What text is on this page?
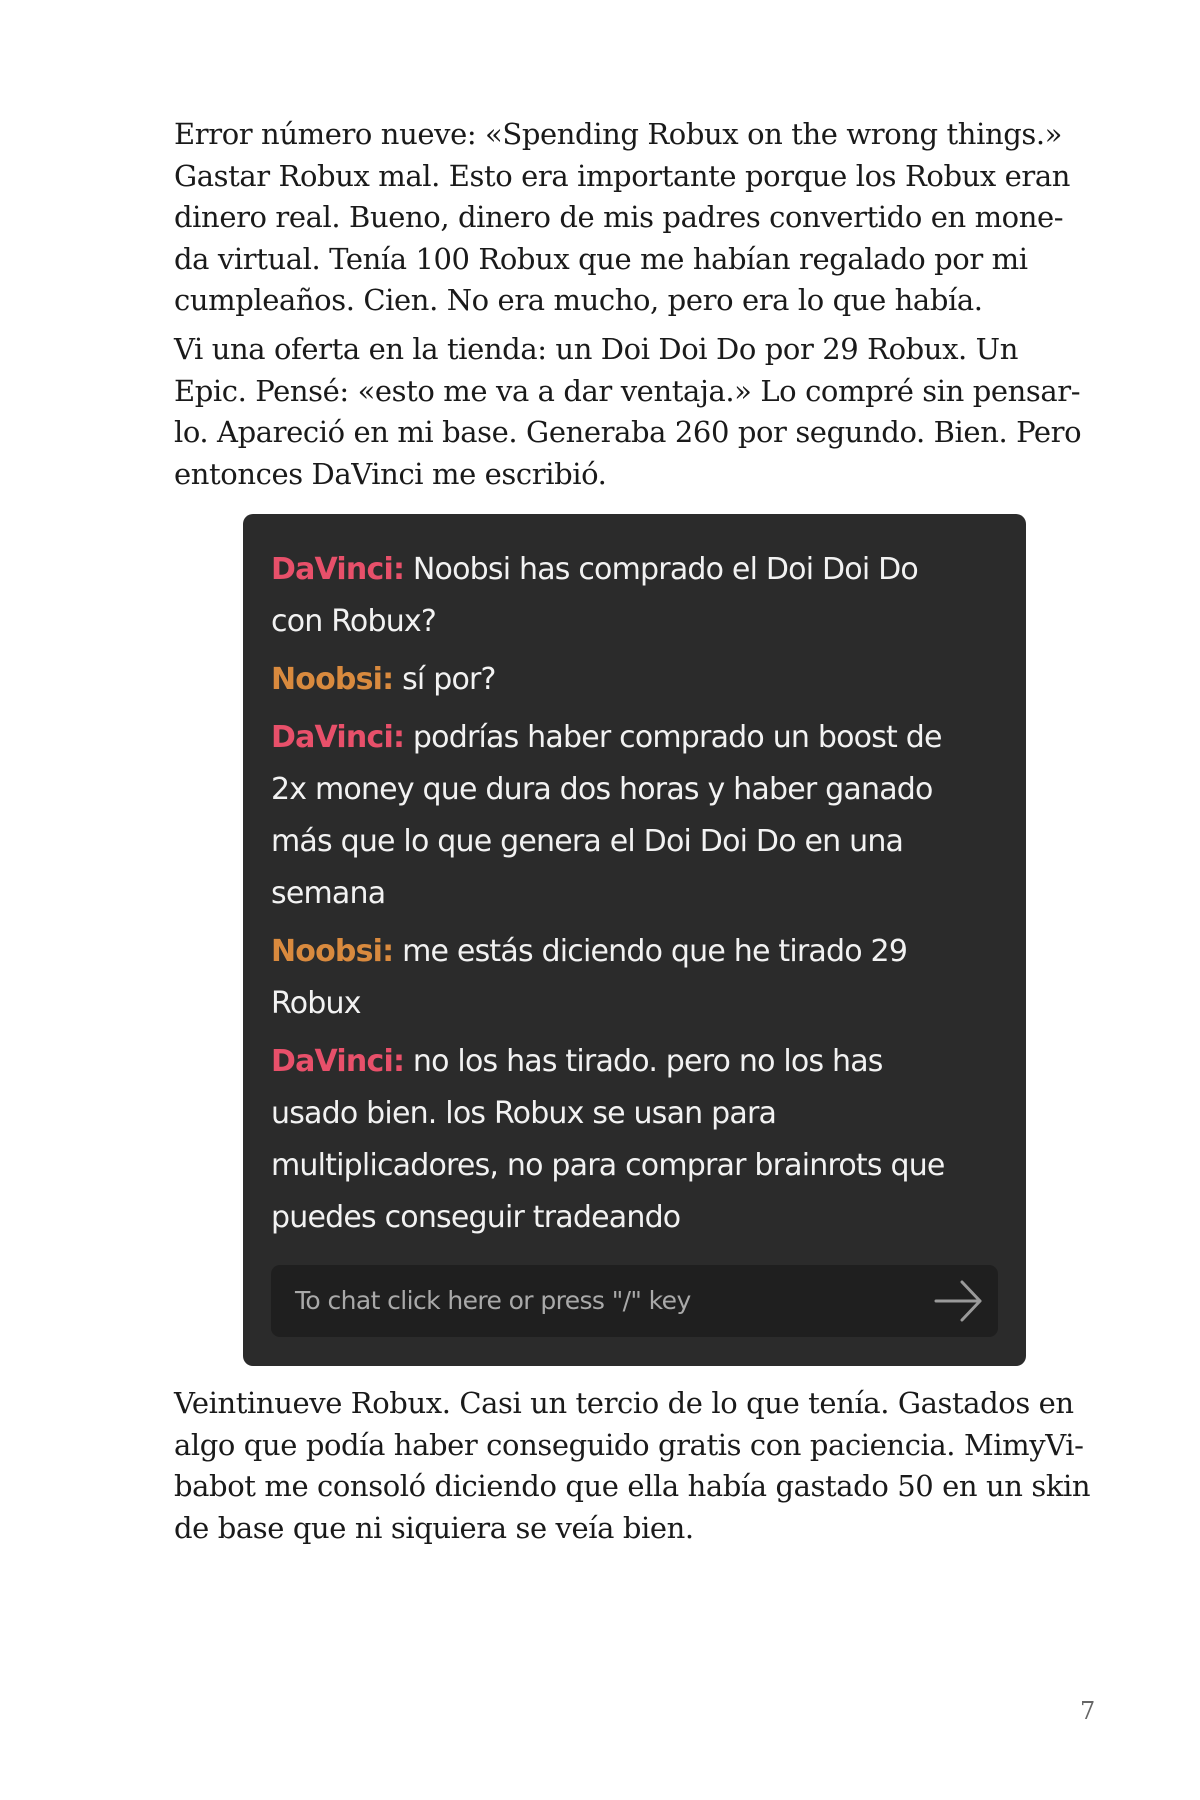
Error número nueve: «Spending Robux on the wrong things.»
Gastar Robux mal. Esto era importante porque los Robux eran
dinero real. Bueno, dinero de mis padres convertido en mone-
da virtual. Tenía 100 Robux que me habían regalado por mi
cumpleaños. Cien. No era mucho, pero era lo que había.

Vi una oferta en la tienda: un Doi Doi Do por 29 Robux. Un
Epic. Pensé: «esto me va a dar ventaja.» Lo compré sin pensar-
lo. Apareció en mi base. Generaba 260 por segundo. Bien. Pero
entonces DaVinci me escribió.

DaVinci: Noobsi has comprado el Doi Doi Do
con Robux?
Noobsi: sí por?
DaVinci: podrías haber comprado un boost de
2x money que dura dos horas y haber ganado
más que lo que genera el Doi Doi Do en una
semana
Noobsi: me estás diciendo que he tirado 29
Robux
DaVinci: no los has tirado. pero no los has
usado bien. los Robux se usan para
multiplicadores, no para comprar brainrots que
puedes conseguir tradeando
To chat click here or press "/" key

Veintinueve Robux. Casi un tercio de lo que tenía. Gastados en
algo que podía haber conseguido gratis con paciencia. MimyVi-
babot me consoló diciendo que ella había gastado 50 en un skin
de base que ni siquiera se veía bien.

7
